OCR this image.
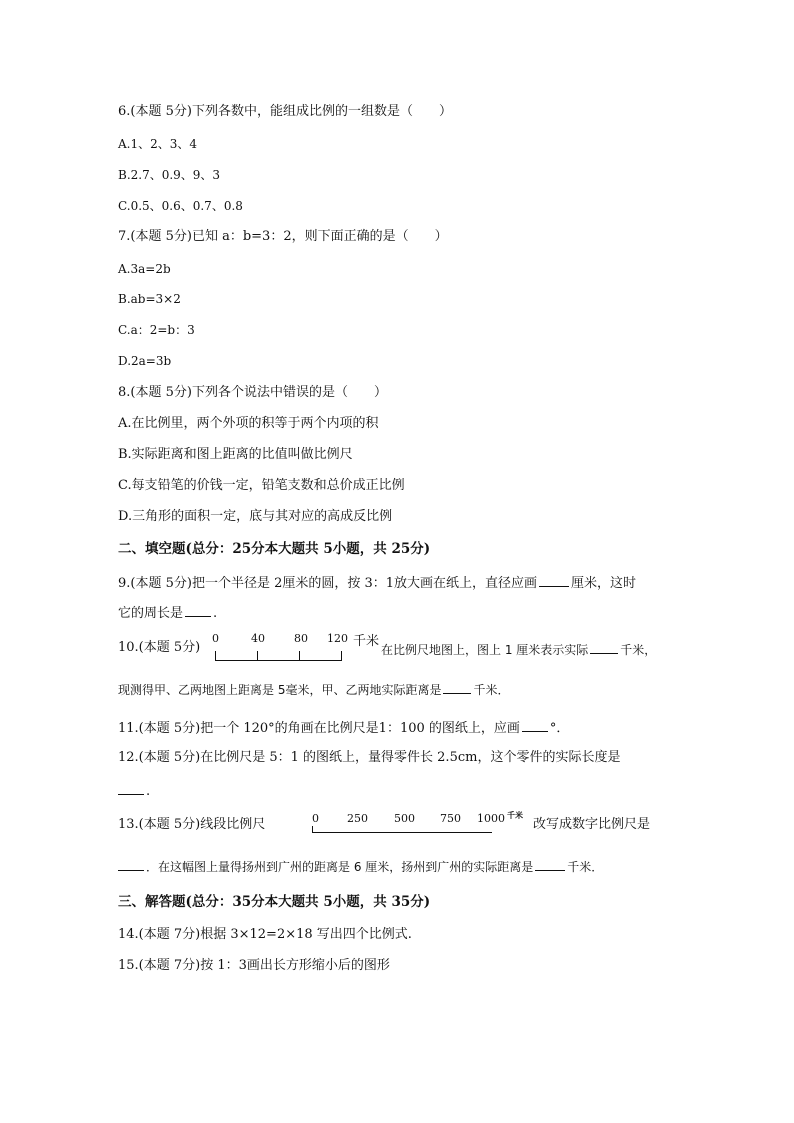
6.(本题 5分)下列各数中，能组成比例的一组数是（　　）
A.1、2、3、4
B.2.7、0.9、9、3
C.0.5、0.6、0.7、0.8
7.(本题 5分)已知 a：b=3：2，则下面正确的是（　　）
A.3a=2b
B.ab=3×2
C.a：2=b：3
D.2a=3b
8.(本题 5分)下列各个说法中错误的是（　　）
A.在比例里，两个外项的积等于两个内项的积
B.实际距离和图上距离的比值叫做比例尺
C.每支铅笔的价钱一定，铅笔支数和总价成正比例
D.三角形的面积一定，底与其对应的高成反比例
二、填空题(总分：25分本大题共 5小题，共 25分)
9.(本题 5分)把一个半径是 2厘米的圆，按 3：1放大画在纸上，直径应画	厘米，这时
它的周长是 .
10.(本题 5分)
0	40	80 120 千米
在比例尺地图上，图上 1 厘米表示实际	千米，
现测得甲、乙两地图上距离是 5毫米，甲、乙两地实际距离是	千米．
11.(本题 5分)把一个 120°的角画在比例尺是1：100 的图纸上，应画 °．
12.(本题 5分)在比例尺是 5：1 的图纸上，量得零件长 2.5cm，这个零件的实际长度是
.
13.(本题 5分)线段比例尺	0	250 500 750 1000 千米
改写成数字比例尺是
．在这幅图上量得扬州到广州的距离是 6 厘米，扬州到广州的实际距离是	千米．
三、解答题(总分：35分本大题共 5小题，共 35分)
14.(本题 7分)根据 3×12=2×18 写出四个比例式.
15.(本题 7分)按 1：3画出长方形缩小后的图形
